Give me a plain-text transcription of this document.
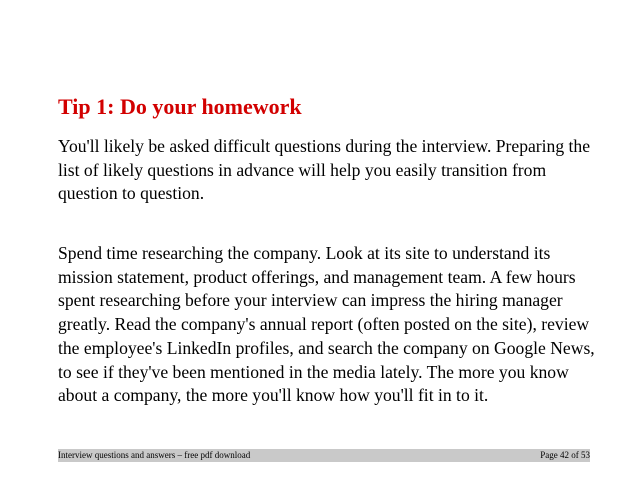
Tip 1: Do your homework

You'll likely be asked difficult questions during the interview. Preparing the list of likely questions in advance will help you easily transition from question to question.

Spend time researching the company. Look at its site to understand its mission statement, product offerings, and management team. A few hours spent researching before your interview can impress the hiring manager greatly. Read the company's annual report (often posted on the site), review the employee's LinkedIn profiles, and search the company on Google News, to see if they've been mentioned in the media lately. The more you know about a company, the more you'll know how you'll fit in to it.

Interview questions and answers – free pdf download	Page 42 of 53
